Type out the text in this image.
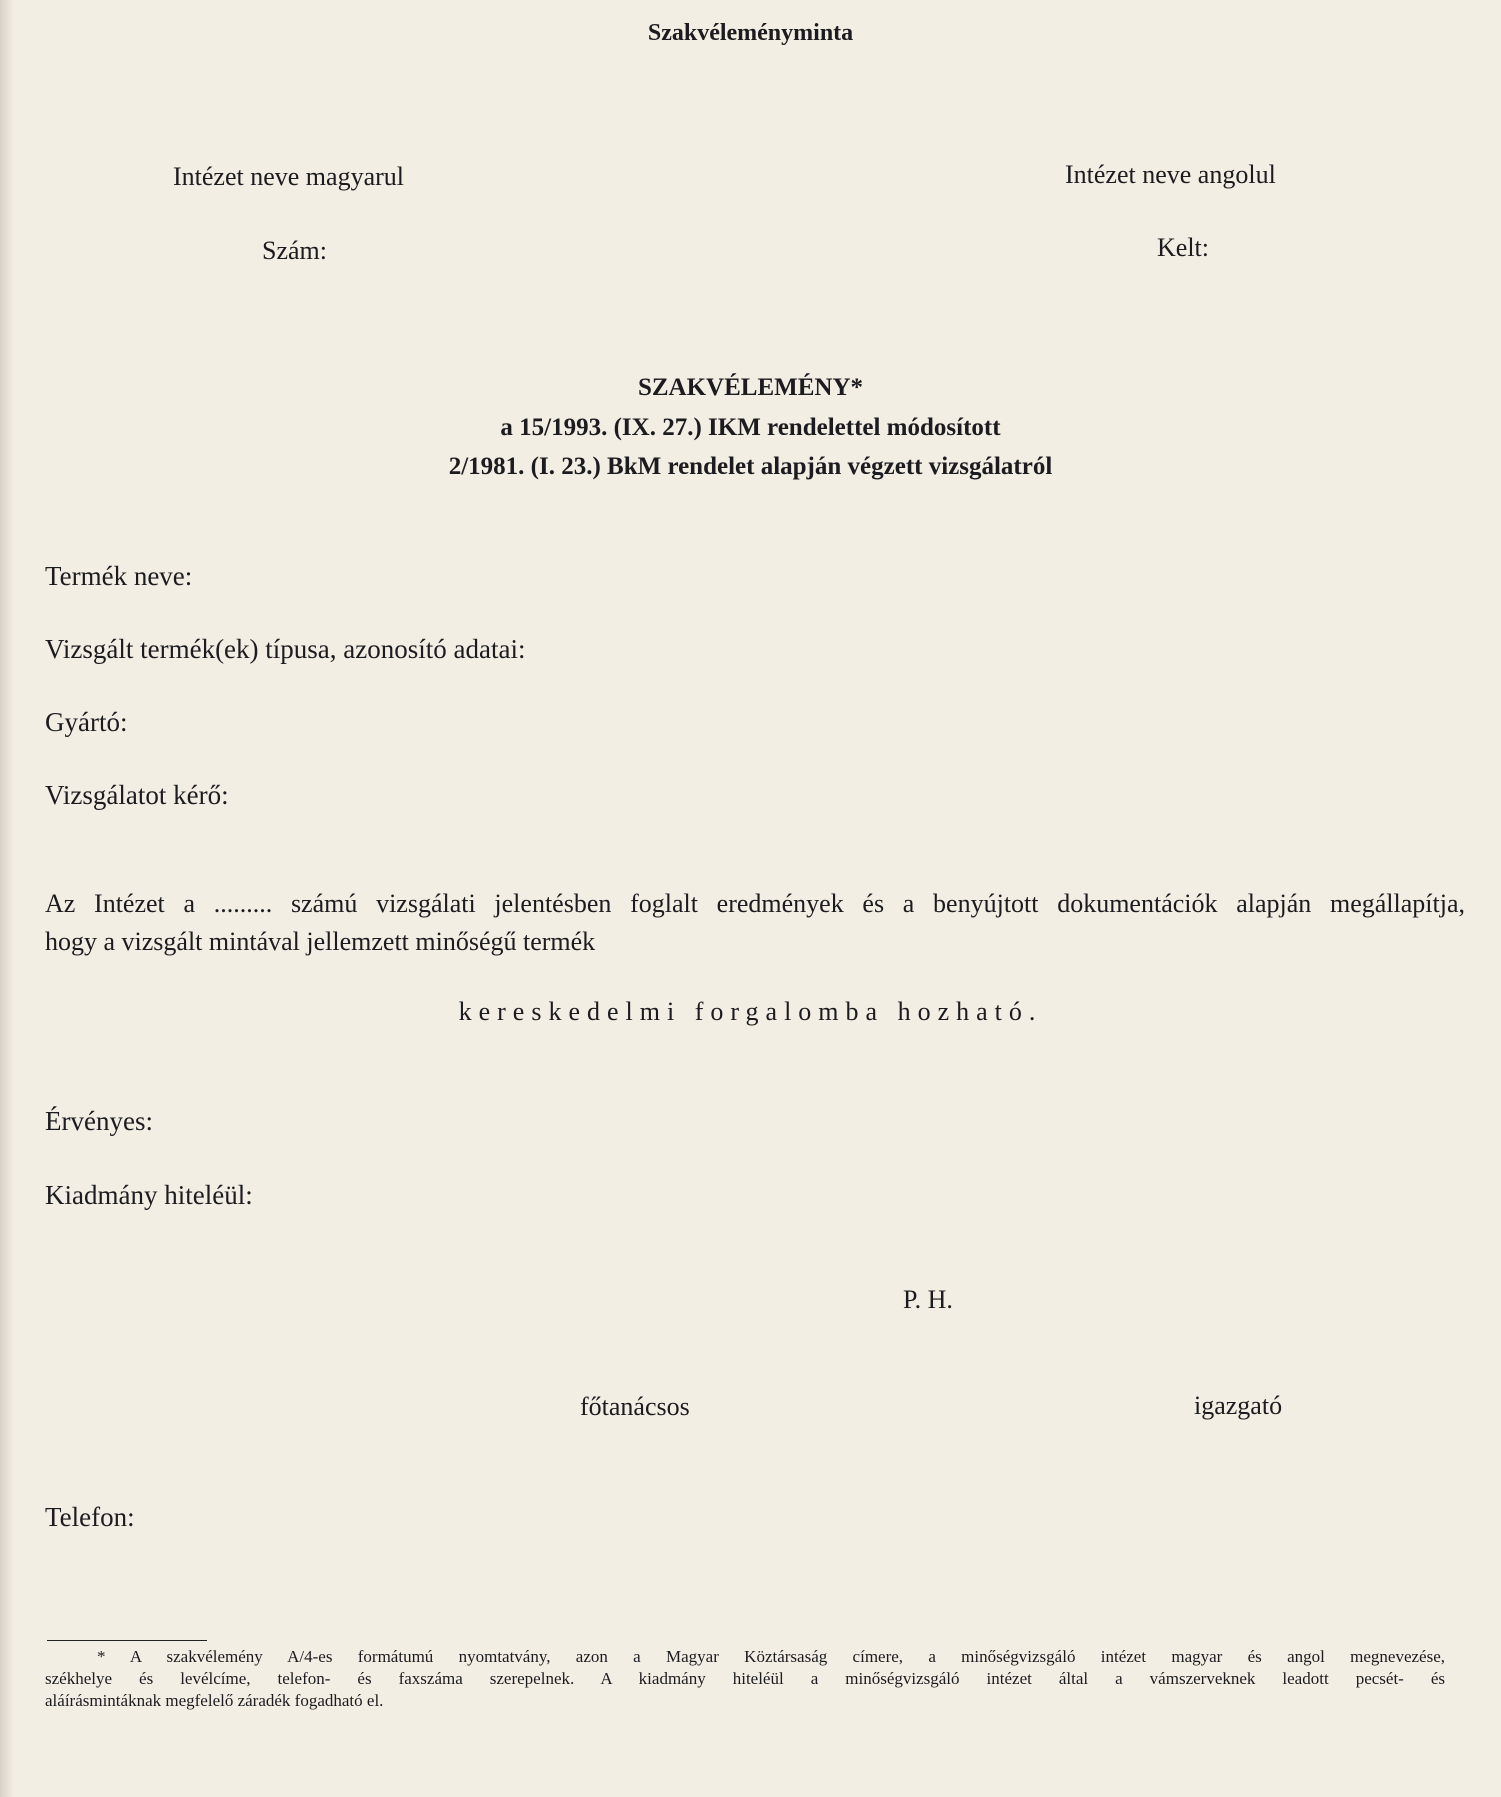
Szakvéleményminta
Intézet neve magyarul	Intézet neve angolul
Szám:	Kelt:
SZAKVÉLEMÉNY*
a 15/1993. (IX. 27.) IKM rendelettel módosított
2/1981. (I. 23.) BkM rendelet alapján végzett vizsgálatról
Termék neve:
Vizsgált termék(ek) típusa, azonosító adatai:
Gyártó:
Vizsgálatot kérő:
Az Intézet a ......... számú vizsgálati jelentésben foglalt eredmények és a benyújtott dokumentációk alapján megállapítja,
hogy a vizsgált mintával jellemzett minőségű termék
kereskedelmi forgalomba hozható.
Érvényes:
Kiadmány hiteléül:
P. H.
főtanácsos	igazgató
Telefon:
* A szakvélemény A/4-es formátumú nyomtatvány, azon a Magyar Köztársaság címere, a minőségvizsgáló intézet magyar és angol megnevezése,
székhelye és levélcíme, telefon- és faxszáma szerepelnek. A kiadmány hiteléül a minőségvizsgáló intézet által a vámszerveknek leadott pecsét- és
aláírásmintáknak megfelelő záradék fogadható el.
